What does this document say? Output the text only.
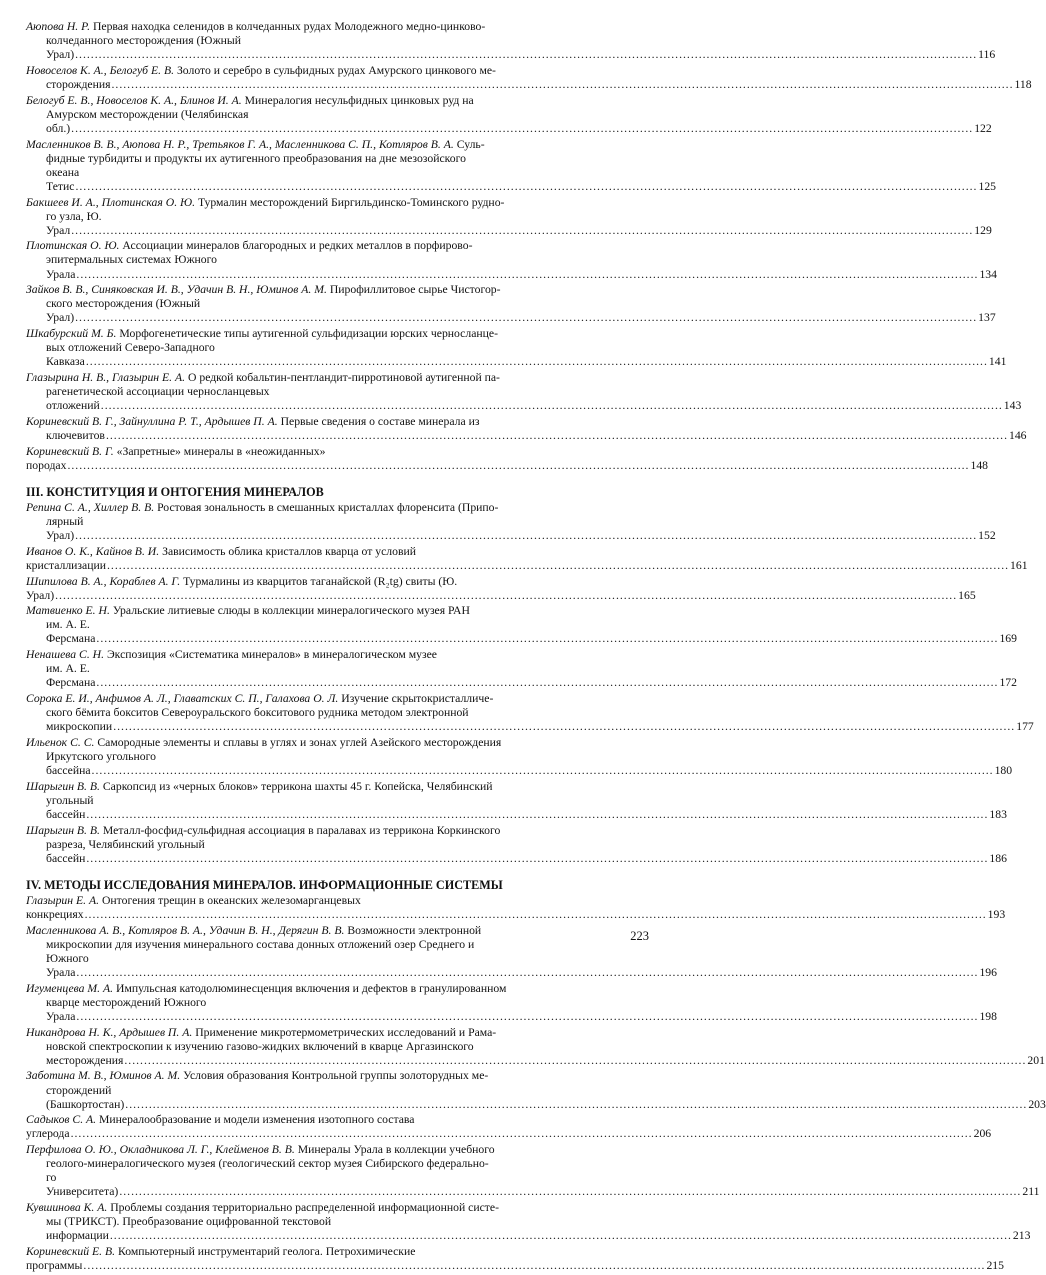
Аюпова Н. Р. Первая находка селенидов в колчеданных рудах Молодежного медно-цинково-
колчеданного месторождения (Южный Урал) .....	116
Новоселов К. А., Белогуб Е. В. Золото и серебро в сульфидных рудах Амурского цинкового ме-
сторождения .....	118
Белогуб Е. В., Новоселов К. А., Блинов И. А. Минералогия несульфидных цинковых руд на
Амурском месторождении (Челябинская обл.) .....	122
Масленников В. В., Аюпова Н. Р., Третьяков Г. А., Масленникова С. П., Котляров В. А. Суль-
фидные турбидиты и продукты их аутигенного преобразования на дне мезозойского
океана Тетис .....	125
Бакшеев И. А., Плотинская О. Ю. Турмалин месторождений Биргильдинско-Томинского рудно-
го узла, Ю. Урал .....	129
Плотинская О. Ю. Ассоциации минералов благородных и редких металлов в порфирово-
эпитермальных системах Южного Урала .....	134
Зайков В. В., Синяковская И. В., Удачин В. Н., Юминов А. М. Пирофиллитовое сырье Чистогор-
ского месторождения (Южный Урал) .....	137
Шкабурский М. Б. Морфогенетические типы аутигенной сульфидизации юрских черносланце-
вых отложений Северо-Западного Кавказа .....	141
Глазырина Н. В., Глазырин Е. А. О редкой кобальтин-пентландит-пирротиновой аутигенной па-
рагенетической ассоциации черносланцевых отложений .....	143
Кориневский В. Г., Зайнуллина Р. Т., Ардышев П. А. Первые сведения о составе минерала из
ключевитов .....	146
Кориневский В. Г. «Запретные» минералы в «неожиданных» породах .....	148
III. КОНСТИТУЦИЯ И ОНТОГЕНИЯ МИНЕРАЛОВ
Репина С. А., Хиллер В. В. Ростовая зональность в смешанных кристаллах флоренсита (Припо-
лярный Урал) .....	152
Иванов О. К., Кайнов В. И. Зависимость облика кристаллов кварца от условий кристаллизации .....	161
Шипилова В. А., Кораблев А. Г. Турмалины из кварцитов таганайской (R₂tg) свиты (Ю. Урал) .....	165
Матвиенко Е. Н. Уральские литиевые слюды в коллекции минералогического музея РАН
им. А. Е. Ферсмана .....	169
Ненашева С. Н. Экспозиция «Систематика минералов» в минералогическом музее
им. А. Е. Ферсмана .....	172
Сорока Е. И., Анфимов А. Л., Главатских С. П., Галахова О. Л. Изучение скрытокристалличе-
ского бёмита бокситов Североуральского бокситового рудника методом электронной
микроскопии .....	177
Ильенок С. С. Самородные элементы и сплавы в углях и зонах углей Азейского месторождения
Иркутского угольного бассейна .....	180
Шарыгин В. В. Саркопсид из «черных блоков» терриконa шахты 45 г. Копейска, Челябинский
угольный бассейн .....	183
Шарыгин В. В. Металл-фосфид-сульфидная ассоциация в паралавах из терриконa Коркинского
разреза, Челябинский угольный бассейн .....	186
IV. МЕТОДЫ ИССЛЕДОВАНИЯ МИНЕРАЛОВ. ИНФОРМАЦИОННЫЕ СИСТЕМЫ
Глазырин Е. А. Онтогения трещин в океанских железомарганцевых конкрециях .....	193
Масленникова А. В., Котляров В. А., Удачин В. Н., Дерягин В. В. Возможности электронной
микроскопии для изучения минерального состава донных отложений озер Среднего и
Южного Урала .....	196
Игуменцева М. А. Импульсная катодолюминесценция включения и дефектов в гранулированном
кварце месторождений Южного Урала .....	198
Никандрова Н. К., Ардышев П. А. Применение микротермометрических исследований и Рама-
новской спектроскопии к изучению газово-жидких включений в кварце Аргазинского
месторождения .....	201
Заботина М. В., Юминов А. М. Условия образования Контрольной группы золоторудных ме-
сторождений (Башкортостан) .....	203
Садыков С. А. Минералообразование и модели изменения изотопного состава углерода .....	206
Перфилова О. Ю., Окладникова Л. Г., Клейменов В. В. Минералы Урала в коллекции учебного
геолого-минералогического музея (геологический сектор музея Сибирского федерально-
го Университета) .....	211
Кувшинова К. А. Проблемы создания территориально распределенной информационной систе-
мы (ТРИКСТ). Преобразование оцифрованной текстовой информации .....	213
Кориневский Е. В. Компьютерный инструментарий геолога. Петрохимические программы .....	215
223
